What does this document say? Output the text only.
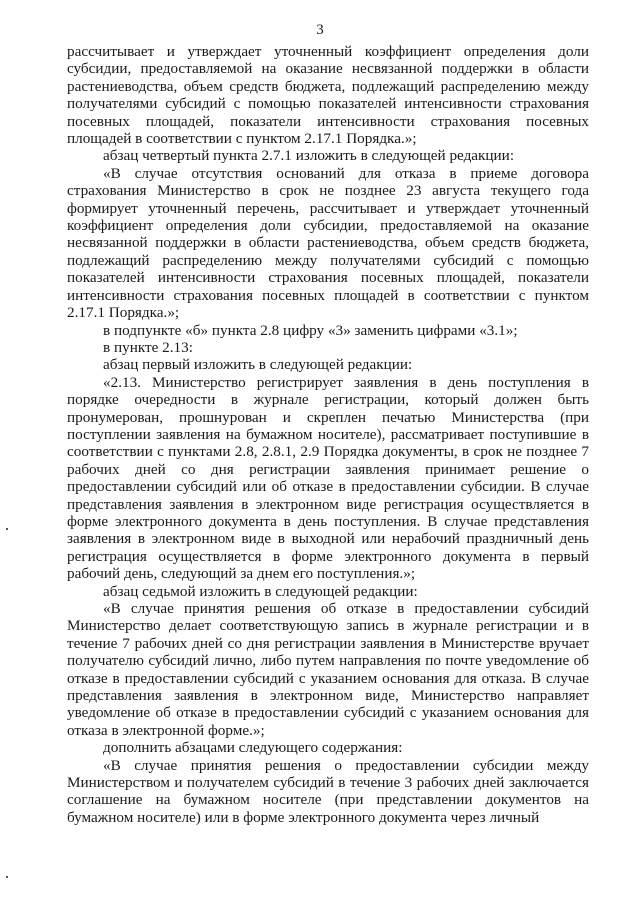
3

рассчитывает и утверждает уточненный коэффициент определения доли субсидии, предоставляемой на оказание несвязанной поддержки в области растениеводства, объем средств бюджета, подлежащий распределению между получателями субсидий с помощью показателей интенсивности страхования посевных площадей, показатели интенсивности страхования посевных площадей в соответствии с пунктом 2.17.1 Порядка.»;

абзац четвертый пункта 2.7.1 изложить в следующей редакции:

«В случае отсутствия оснований для отказа в приеме договора страхования Министерство в срок не позднее 23 августа текущего года формирует уточненный перечень, рассчитывает и утверждает уточненный коэффициент определения доли субсидии, предоставляемой на оказание несвязанной поддержки в области растениеводства, объем средств бюджета, подлежащий распределению между получателями субсидий с помощью показателей интенсивности страхования посевных площадей, показатели интенсивности страхования посевных площадей в соответствии с пунктом 2.17.1 Порядка.»;

в подпункте «б» пункта 2.8 цифру «3» заменить цифрами «3.1»;

в пункте 2.13:

абзац первый изложить в следующей редакции:

«2.13. Министерство регистрирует заявления в день поступления в порядке очередности в журнале регистрации, который должен быть пронумерован, прошнурован и скреплен печатью Министерства (при поступлении заявления на бумажном носителе), рассматривает поступившие в соответствии с пунктами 2.8, 2.8.1, 2.9 Порядка документы, в срок не позднее 7 рабочих дней со дня регистрации заявления принимает решение о предоставлении субсидий или об отказе в предоставлении субсидии. В случае представления заявления в электронном виде регистрация осуществляется в форме электронного документа в день поступления. В случае представления заявления в электронном виде в выходной или нерабочий праздничный день регистрация осуществляется в форме электронного документа в первый рабочий день, следующий за днем его поступления.»;

абзац седьмой изложить в следующей редакции:

«В случае принятия решения об отказе в предоставлении субсидий Министерство делает соответствующую запись в журнале регистрации и в течение 7 рабочих дней со дня регистрации заявления в Министерстве вручает получателю субсидий лично, либо путем направления по почте уведомление об отказе в предоставлении субсидий с указанием основания для отказа. В случае представления заявления в электронном виде, Министерство направляет уведомление об отказе в предоставлении субсидий с указанием основания для отказа в электронной форме.»;

дополнить абзацами следующего содержания:

«В случае принятия решения о предоставлении субсидии между Министерством и получателем субсидий в течение 3 рабочих дней заключается соглашение на бумажном носителе (при представлении документов на бумажном носителе) или в форме электронного документа через личный
